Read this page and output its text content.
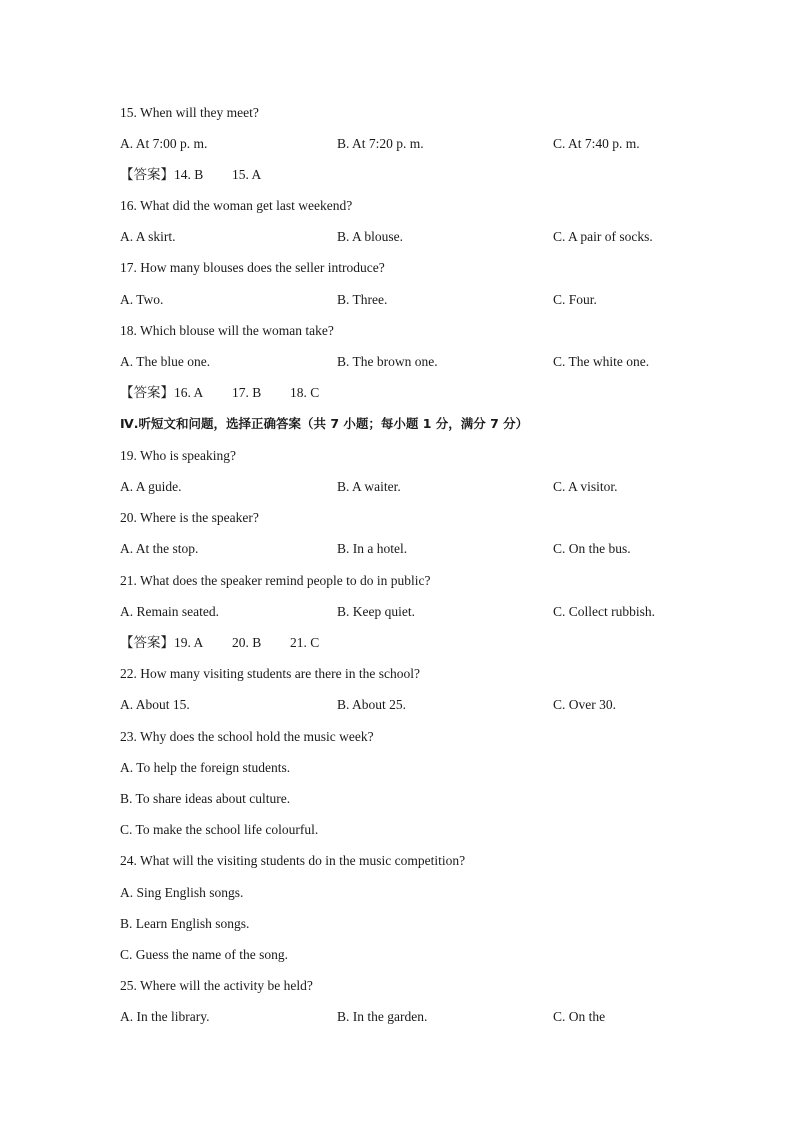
15. When will they meet?
A. At 7:00 p. m.	B. At 7:20 p. m.	C. At 7:40 p. m.
【答案】14. B 15. A
16. What did the woman get last weekend?
A. A skirt.	B. A blouse.	C. A pair of socks.
17. How many blouses does the seller introduce?
A. Two.	B. Three.	C. Four.
18. Which blouse will the woman take?
A. The blue one.	B. The brown one.	C. The white one.
【答案】16. A 17. B 18. C
Ⅳ.听短文和问题，选择正确答案（共 7 小题；每小题 1 分，满分 7 分）
19. Who is speaking?
A. A guide.	B. A waiter.	C. A visitor.
20. Where is the speaker?
A. At the stop.	B. In a hotel.	C. On the bus.
21. What does the speaker remind people to do in public?
A. Remain seated.	B. Keep quiet.	C. Collect rubbish.
【答案】19. A 20. B 21. C
22. How many visiting students are there in the school?
A. About 15.	B. About 25.	C. Over 30.
23. Why does the school hold the music week?
A. To help the foreign students.
B. To share ideas about culture.
C. To make the school life colourful.
24. What will the visiting students do in the music competition?
A. Sing English songs.
B. Learn English songs.
C. Guess the name of the song.
25. Where will the activity be held?
A. In the library.	B. In the garden.	C. On the
